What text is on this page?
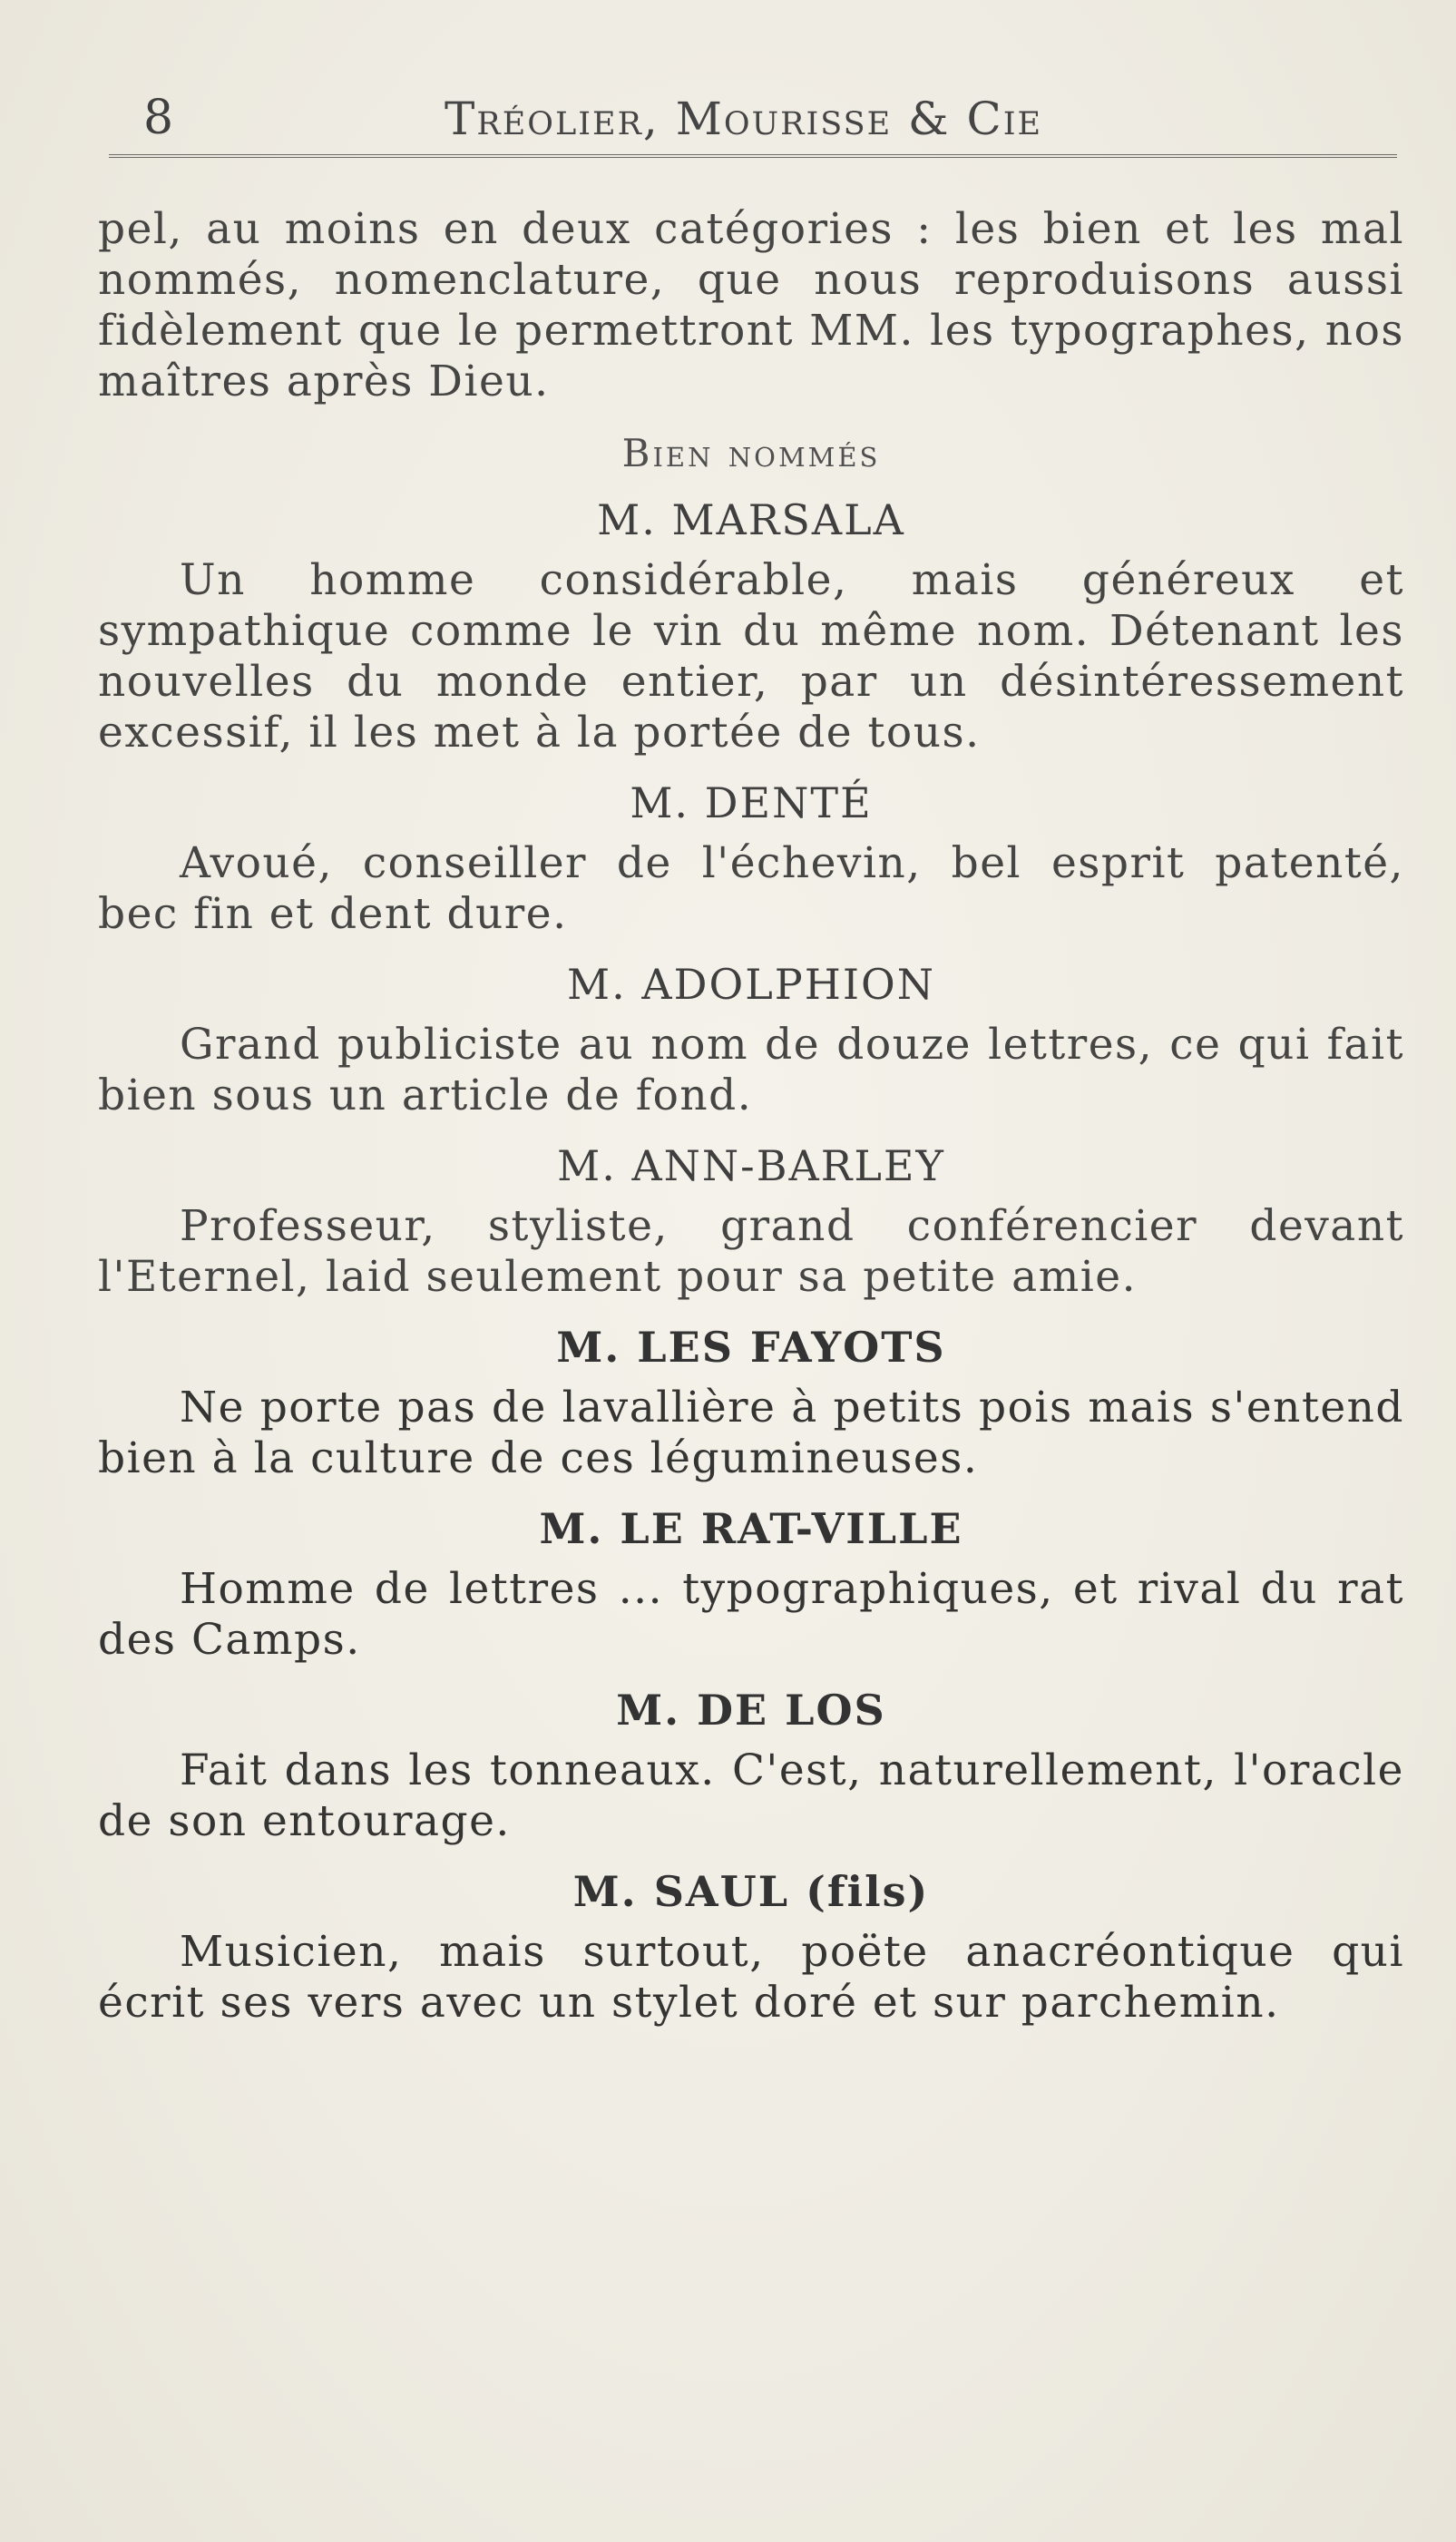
8	Tréolier, Mourisse & Cie

pel, au moins en deux catégories : les bien et les mal nommés, nomenclature, que nous reproduisons aussi fidèlement que le permettront MM. les typographes, nos maîtres après Dieu.

Bien nommés
M. MARSALA

Un homme considérable, mais généreux et sympathique comme le vin du même nom. Détenant les nouvelles du monde entier, par un désintéressement excessif, il les met à la portée de tous.

M. DENTÉ

Avoué, conseiller de l'échevin, bel esprit patenté, bec fin et dent dure.

M. ADOLPHION

Grand publiciste au nom de douze lettres, ce qui fait bien sous un article de fond.

M. ANN-BARLEY

Professeur, styliste, grand conférencier devant l'Eternel, laid seulement pour sa petite amie.

M. LES FAYOTS

Ne porte pas de lavallière à petits pois mais s'entend bien à la culture de ces légumineuses.

M. LE RAT-VILLE

Homme de lettres ... typographiques, et rival du rat des Camps.

M. DE LOS

Fait dans les tonneaux. C'est, naturellement, l'oracle de son entourage.

M. SAUL (fils)

Musicien, mais surtout, poëte anacréontique qui écrit ses vers avec un stylet doré et sur parchemin.
